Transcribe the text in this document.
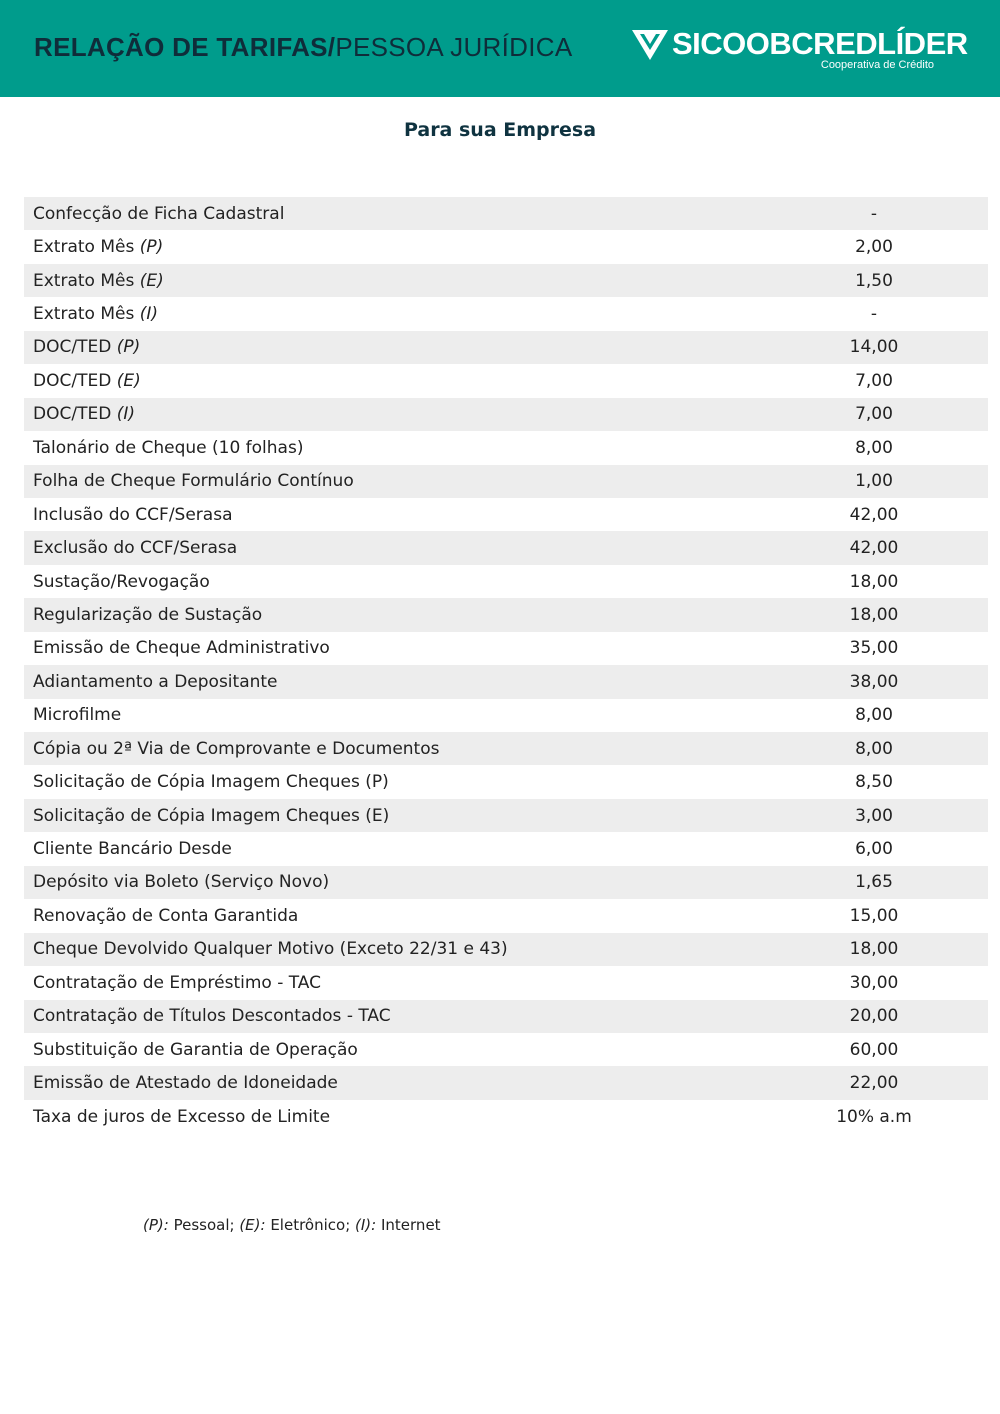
RELAÇÃO DE TARIFAS/PESSOA JURÍDICA	SICOOBCREDLÍDER
Cooperativa de Crédito
Para sua Empresa
Confecção de Ficha Cadastral	-
Extrato Mês (P)	2,00
Extrato Mês (E)	1,50
Extrato Mês (I)	-
DOC/TED (P)	14,00
DOC/TED (E)	7,00
DOC/TED (I)	7,00
Talonário de Cheque (10 folhas)	8,00
Folha de Cheque Formulário Contínuo	1,00
Inclusão do CCF/Serasa	42,00
Exclusão do CCF/Serasa	42,00
Sustação/Revogação	18,00
Regularização de Sustação	18,00
Emissão de Cheque Administrativo	35,00
Adiantamento a Depositante	38,00
Microfilme	8,00
Cópia ou 2ª Via de Comprovante e Documentos	8,00
Solicitação de Cópia Imagem Cheques (P)	8,50
Solicitação de Cópia Imagem Cheques (E)	3,00
Cliente Bancário Desde	6,00
Depósito via Boleto (Serviço Novo)	1,65
Renovação de Conta Garantida	15,00
Cheque Devolvido Qualquer Motivo (Exceto 22/31 e 43)	18,00
Contratação de Empréstimo - TAC	30,00
Contratação de Títulos Descontados - TAC	20,00
Substituição de Garantia de Operação	60,00
Emissão de Atestado de Idoneidade	22,00
Taxa de juros de Excesso de Limite	10% a.m
(P): Pessoal; (E): Eletrônico; (I): Internet
